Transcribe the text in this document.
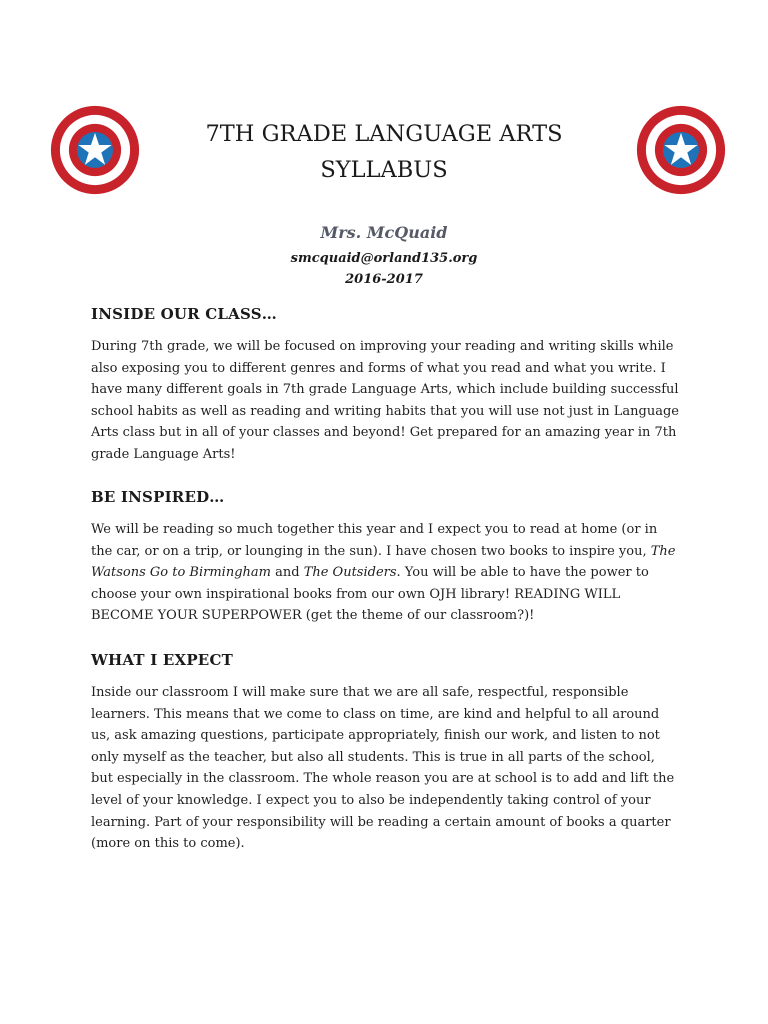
7TH GRADE LANGUAGE ARTS
SYLLABUS
Mrs. McQuaid
smcquaid@orland135.org
2016-2017
INSIDE OUR CLASS…
During 7th grade, we will be focused on improving your reading and writing skills while
also exposing you to different genres and forms of what you read and what you write. I
have many different goals in 7th grade Language Arts, which include building successful
school habits as well as reading and writing habits that you will use not just in Language
Arts class but in all of your classes and beyond! Get prepared for an amazing year in 7th
grade Language Arts!
BE INSPIRED…
We will be reading so much together this year and I expect you to read at home (or in
the car, or on a trip, or lounging in the sun). I have chosen two books to inspire you, The
Watsons Go to Birmingham and The Outsiders. You will be able to have the power to
choose your own inspirational books from our own OJH library! READING WILL
BECOME YOUR SUPERPOWER (get the theme of our classroom?)!
WHAT I EXPECT
Inside our classroom I will make sure that we are all safe, respectful, responsible
learners. This means that we come to class on time, are kind and helpful to all around
us, ask amazing questions, participate appropriately, finish our work, and listen to not
only myself as the teacher, but also all students. This is true in all parts of the school,
but especially in the classroom. The whole reason you are at school is to add and lift the
level of your knowledge. I expect you to also be independently taking control of your
learning. Part of your responsibility will be reading a certain amount of books a quarter
(more on this to come).
